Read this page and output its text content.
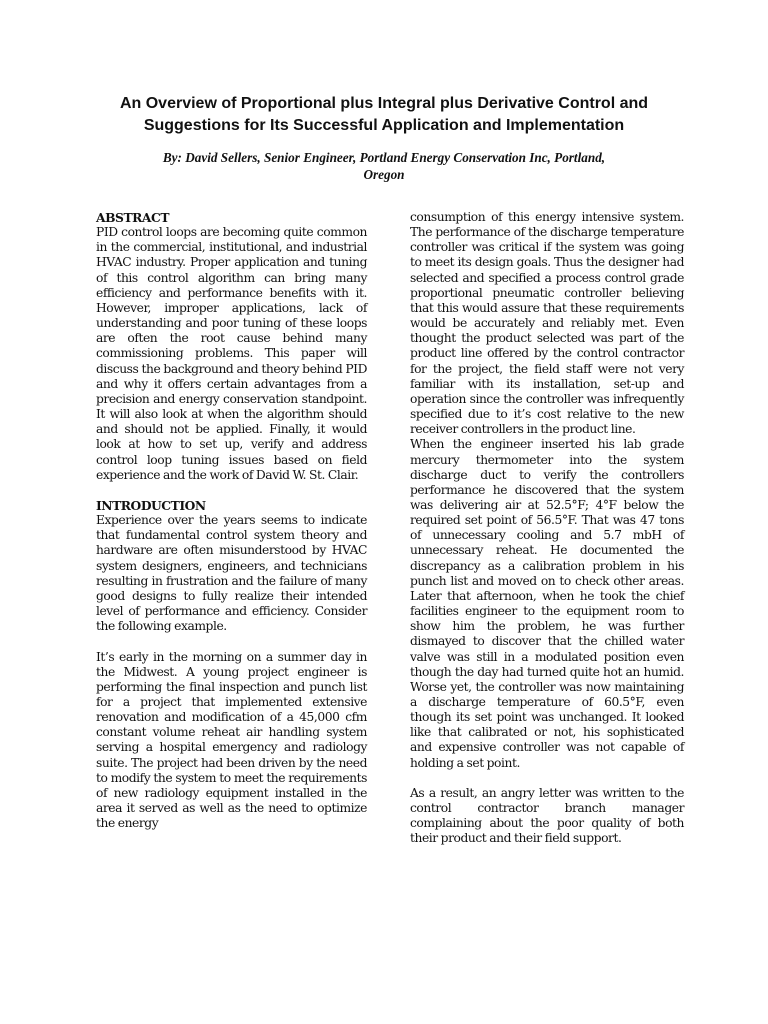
An Overview of Proportional plus Integral plus Derivative Control and
Suggestions for Its Successful Application and Implementation
By: David Sellers, Senior Engineer, Portland Energy Conservation Inc, Portland,
Oregon

ABSTRACT

PID control loops are becoming quite common in the commercial, institutional, and industrial HVAC industry. Proper application and tuning of this control algorithm can bring many efficiency and performance benefits with it. However, improper applications, lack of understanding and poor tuning of these loops are often the root cause behind many commissioning problems. This paper will discuss the background and theory behind PID and why it offers certain advantages from a precision and energy conservation standpoint. It will also look at when the algorithm should and should not be applied. Finally, it would look at how to set up, verify and address control loop tuning issues based on field experience and the work of David W. St. Clair.

INTRODUCTION

Experience over the years seems to indicate that fundamental control system theory and hardware are often misunderstood by HVAC system designers, engineers, and technicians resulting in frustration and the failure of many good designs to fully realize their intended level of performance and efficiency. Consider the following example.

It’s early in the morning on a summer day in the Midwest. A young project engineer is performing the final inspection and punch list for a project that implemented extensive renovation and modification of a 45,000 cfm constant volume reheat air handling system serving a hospital emergency and radiology suite. The project had been driven by the need to modify the system to meet the requirements of new radiology equipment installed in the area it served as well as the need to optimize the energy

consumption of this energy intensive system. The performance of the discharge temperature controller was critical if the system was going to meet its design goals. Thus the designer had selected and specified a process control grade proportional pneumatic controller believing that this would assure that these requirements would be accurately and reliably met. Even thought the product selected was part of the product line offered by the control contractor for the project, the field staff were not very familiar with its installation, set-up and operation since the controller was infrequently specified due to it’s cost relative to the new receiver controllers in the product line.

When the engineer inserted his lab grade mercury thermometer into the system discharge duct to verify the controllers performance he discovered that the system was delivering air at 52.5°F; 4°F below the required set point of 56.5°F. That was 47 tons of unnecessary cooling and 5.7 mbH of unnecessary reheat. He documented the discrepancy as a calibration problem in his punch list and moved on to check other areas. Later that afternoon, when he took the chief facilities engineer to the equipment room to show him the problem, he was further dismayed to discover that the chilled water valve was still in a modulated position even though the day had turned quite hot an humid. Worse yet, the controller was now maintaining a discharge temperature of 60.5°F, even though its set point was unchanged. It looked like that calibrated or not, his sophisticated and expensive controller was not capable of holding a set point.

As a result, an angry letter was written to the control contractor branch manager complaining about the poor quality of both their product and their field support.
